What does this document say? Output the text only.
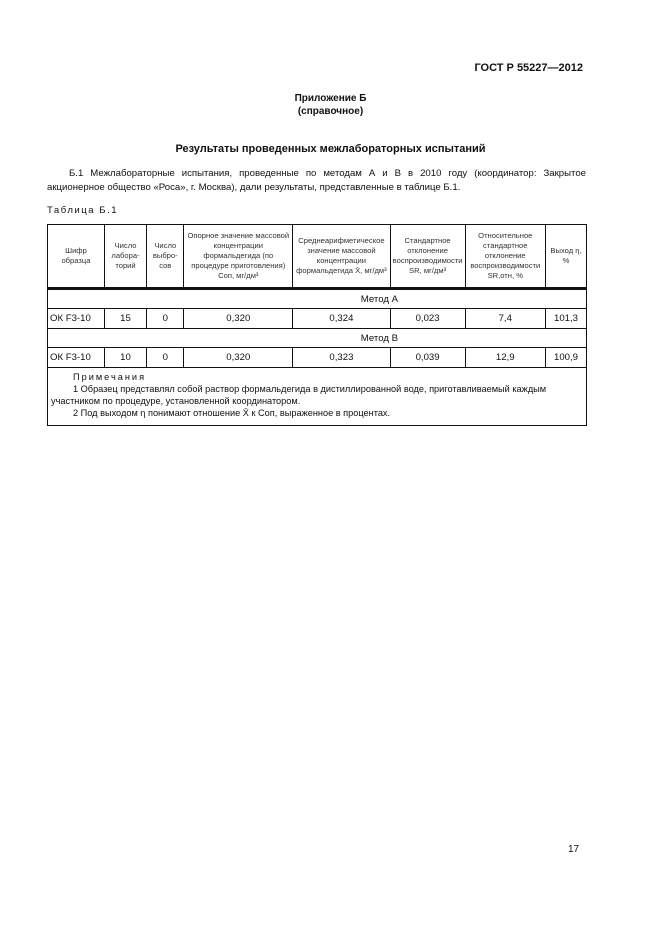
ГОСТ Р 55227—2012
Приложение Б
(справочное)
Результаты проведенных межлабораторных испытаний
Б.1 Межлабораторные испытания, проведенные по методам А и В в 2010 году (координатор: Закрытое акционерное общество «Роса», г. Москва), дали результаты, представленные в таблице Б.1.
Таблица Б.1
Шифр образца	Число лабора-торий	Число выбро-сов	Опорное значение массовой концентрации формальдегида (по процедуре приготовления) Cоп, мг/дм³	Среднеарифметическое значение массовой концентрации формальдегида X̄, мг/дм³	Стандартное отклонение воспроизводимости SR, мг/дм³	Относительное стандартное отклонение воспроизводимости SR,отн, %	Выход η, %
Метод А							
ОК F3-10	15	0	0,320	0,324	0,023	7,4	101,3
Метод В							
ОК F3-10	10	0	0,320	0,323	0,039	12,9	100,9

Примечания
1 Образец представлял собой раствор формальдегида в дистиллированной воде, приготавливаемый каждым участником по процедуре, установленной координатором.
2 Под выходом η понимают отношение X̄ к Cоп, выраженное в процентах.							
17
